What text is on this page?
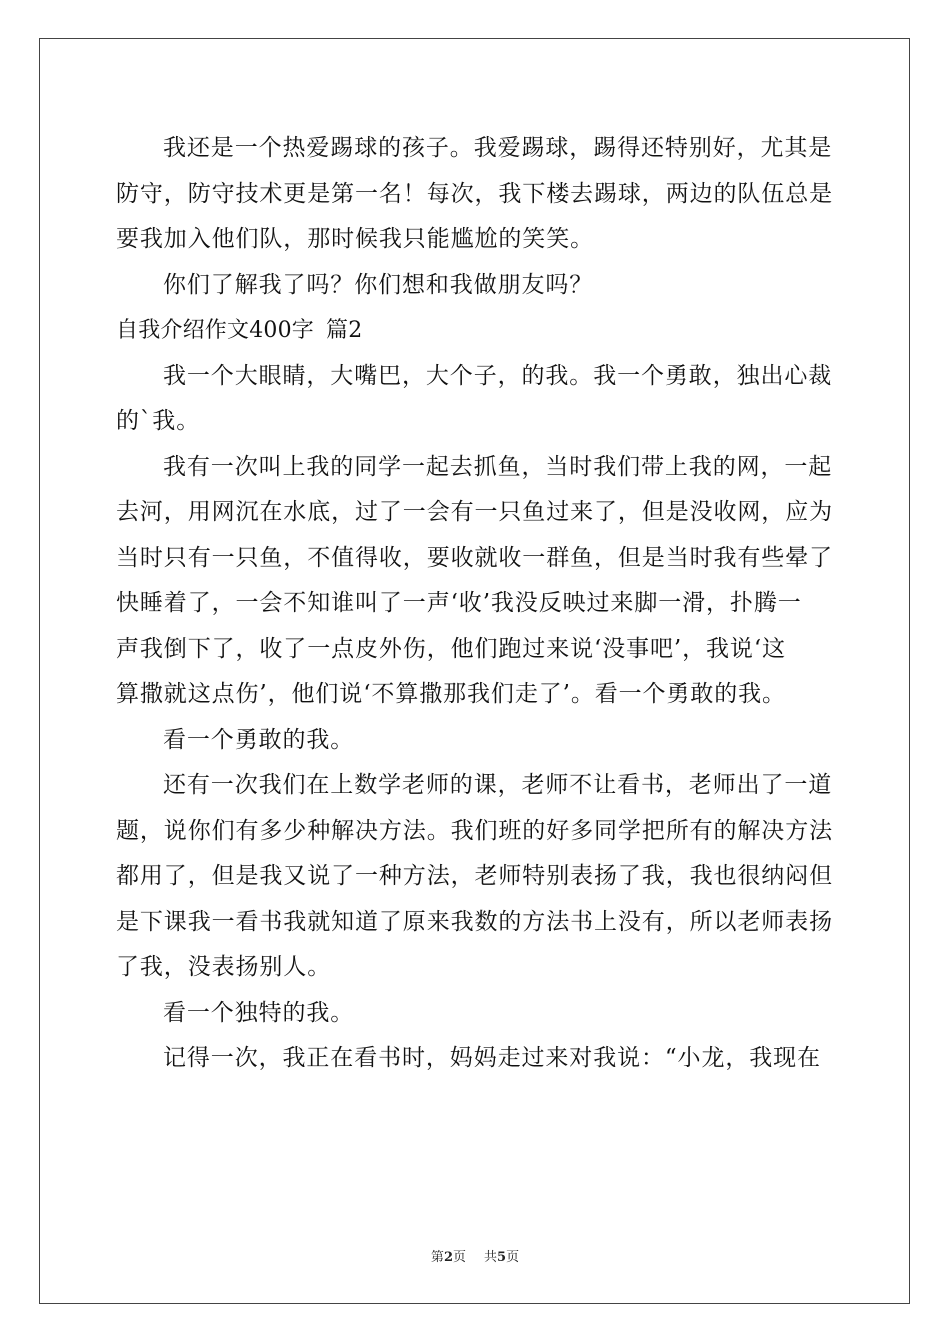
我还是一个热爱踢球的孩子。我爱踢球，踢得还特别好，尤其是
防守，防守技术更是第一名！每次，我下楼去踢球，两边的队伍总是
要我加入他们队，那时候我只能尴尬的笑笑。
你们了解我了吗？你们想和我做朋友吗？
自我介绍作文400字 篇2
我一个大眼睛，大嘴巴，大个子，的我。我一个勇敢，独出心裁
的`我。
我有一次叫上我的同学一起去抓鱼，当时我们带上我的网，一起
去河，用网沉在水底，过了一会有一只鱼过来了，但是没收网，应为
当时只有一只鱼，不值得收，要收就收一群鱼，但是当时我有些晕了
快睡着了，一会不知谁叫了一声‘收’我没反映过来脚一滑，扑腾一
声我倒下了，收了一点皮外伤，他们跑过来说‘没事吧’，我说‘这
算撒就这点伤’，他们说‘不算撒那我们走了’。看一个勇敢的我。
看一个勇敢的我。
还有一次我们在上数学老师的课，老师不让看书，老师出了一道
题，说你们有多少种解决方法。我们班的好多同学把所有的解决方法
都用了，但是我又说了一种方法，老师特别表扬了我，我也很纳闷但
是下课我一看书我就知道了原来我数的方法书上没有，所以老师表扬
了我，没表扬别人。
看一个独特的我。
记得一次，我正在看书时，妈妈走过来对我说：“小龙，我现在
第2页 共5页
